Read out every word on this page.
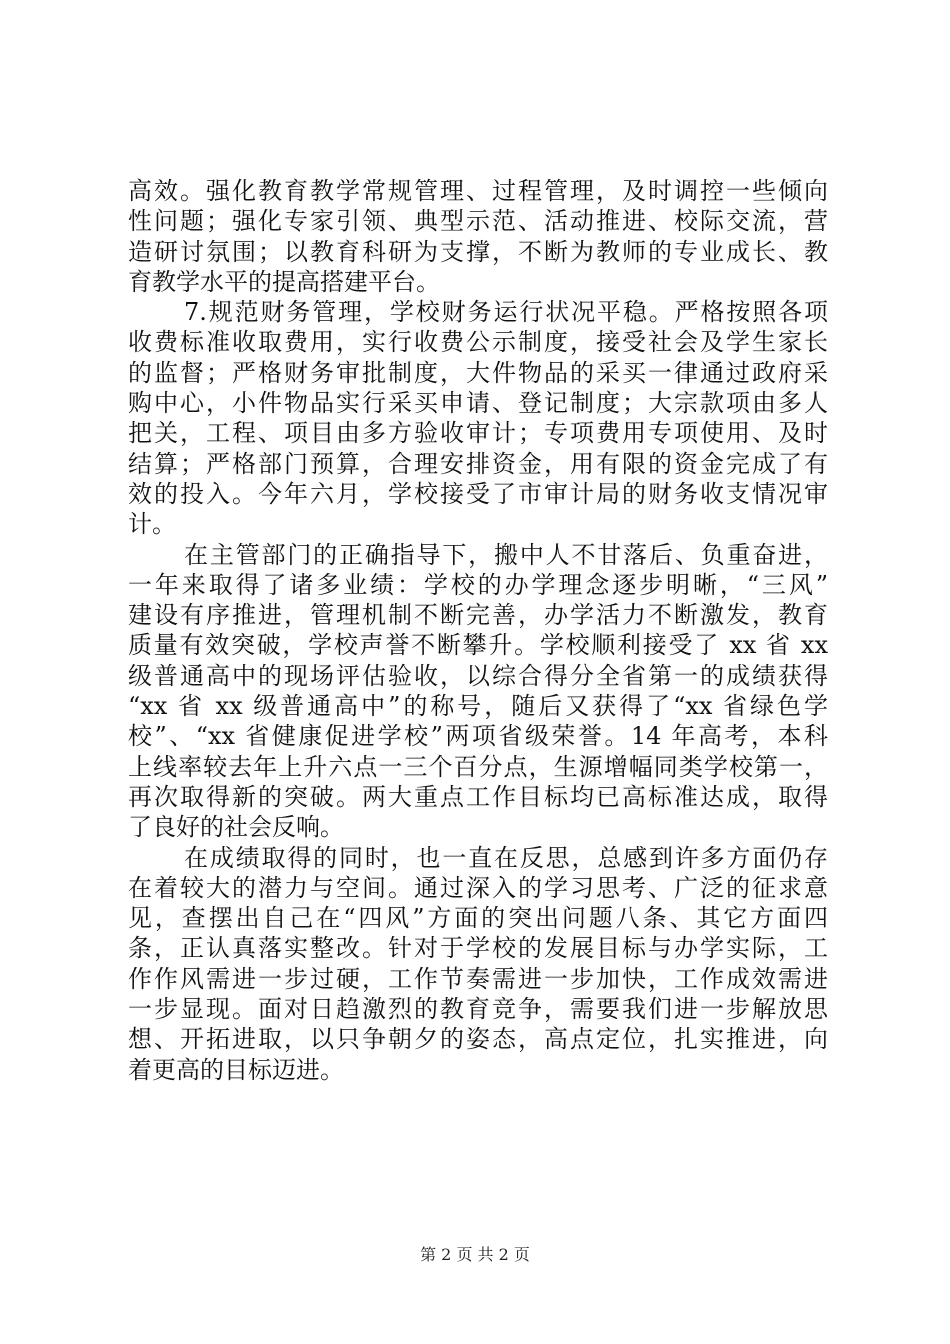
高效。强化教育教学常规管理、过程管理，及时调控一些倾向
性问题；强化专家引领、典型示范、活动推进、校际交流，营
造研讨氛围；以教育科研为支撑，不断为教师的专业成长、教
育教学水平的提高搭建平台。
7.规范财务管理，学校财务运行状况平稳。严格按照各项
收费标准收取费用，实行收费公示制度，接受社会及学生家长
的监督；严格财务审批制度，大件物品的采买一律通过政府采
购中心，小件物品实行采买申请、登记制度；大宗款项由多人
把关，工程、项目由多方验收审计；专项费用专项使用、及时
结算；严格部门预算，合理安排资金，用有限的资金完成了有
效的投入。今年六月，学校接受了市审计局的财务收支情况审
计。
在主管部门的正确指导下，搬中人不甘落后、负重奋进，
一年来取得了诸多业绩：学校的办学理念逐步明晰，“三风”
建设有序推进，管理机制不断完善，办学活力不断激发，教育
质量有效突破，学校声誉不断攀升。学校顺利接受了 xx 省 xx
级普通高中的现场评估验收，以综合得分全省第一的成绩获得
“xx 省 xx 级普通高中”的称号，随后又获得了“xx 省绿色学
校”、“xx 省健康促进学校”两项省级荣誉。14 年高考，本科
上线率较去年上升六点一三个百分点，生源增幅同类学校第一，
再次取得新的突破。两大重点工作目标均已高标准达成，取得
了良好的社会反响。
在成绩取得的同时，也一直在反思，总感到许多方面仍存
在着较大的潜力与空间。通过深入的学习思考、广泛的征求意
见，查摆出自己在“四风”方面的突出问题八条、其它方面四
条，正认真落实整改。针对于学校的发展目标与办学实际，工
作作风需进一步过硬，工作节奏需进一步加快，工作成效需进
一步显现。面对日趋激烈的教育竞争，需要我们进一步解放思
想、开拓进取，以只争朝夕的姿态，高点定位，扎实推进，向
着更高的目标迈进。
第 2 页 共 2 页
